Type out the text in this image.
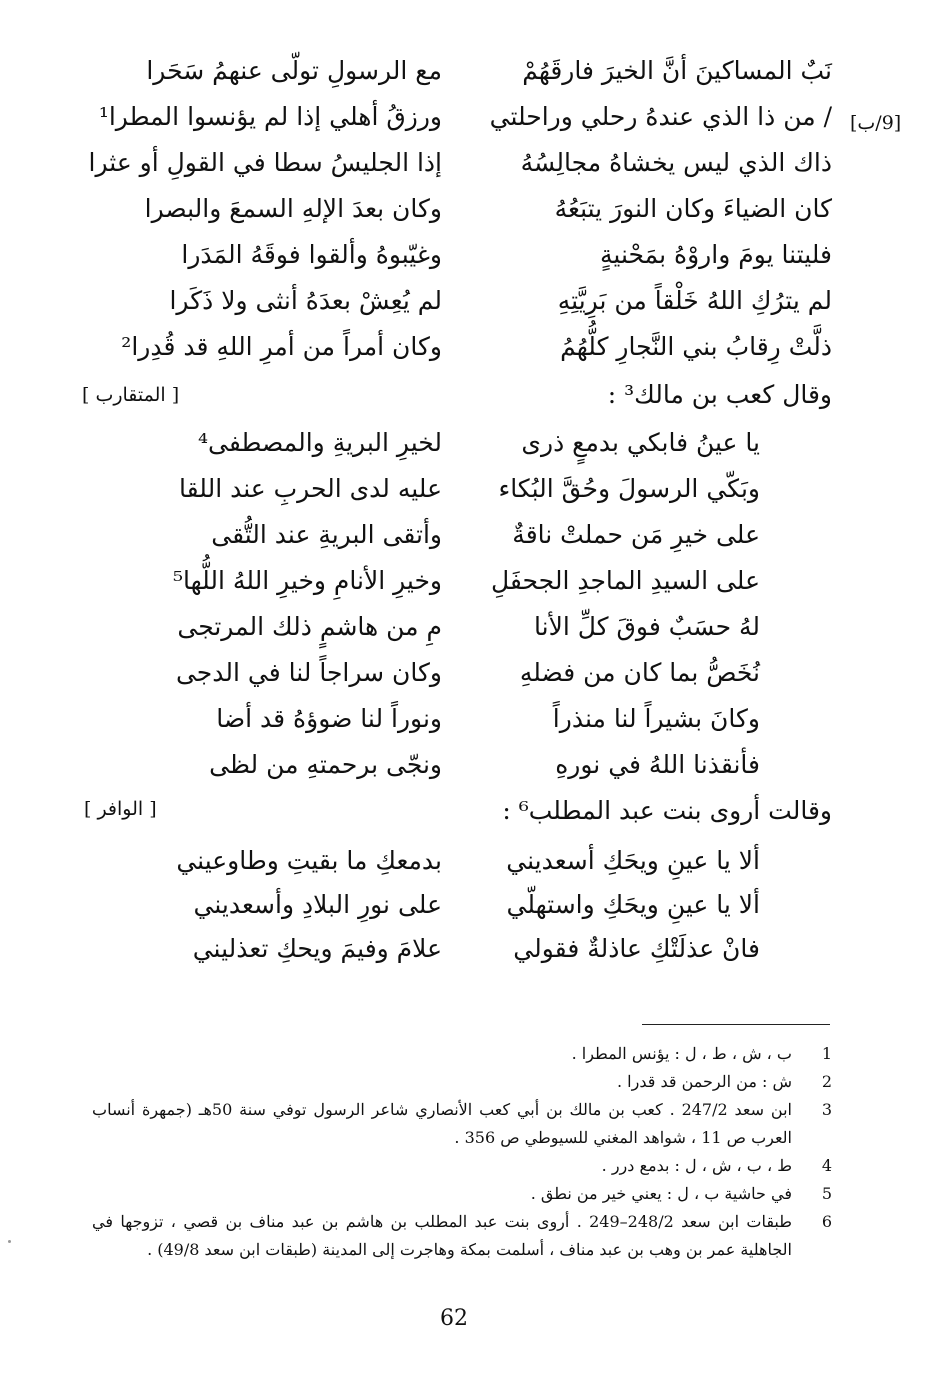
[9/ب]
نَبٌ المساكينَ أنَّ الخيرَ فارقَهُمْ
مع الرسولِ تولّى عنهمُ سَحَرا
/ من ذا الذي عندهُ رحلي وراحلتي
ورزقُ أهلي إذا لم يؤنسوا المطرا¹
ذاك الذي ليس يخشاهُ مجالِسُهُ
إذا الجليسُ سطا في القولِ أو عثرا
كان الضياءَ وكان النورَ يتبَعُهُ
وكان بعدَ الإلهِ السمعَ والبصرا
فليتنا يومَ واروْهُ بمَحْنيةٍ
وغيّبوهُ وألقوا فوقَهُ المَدَرا
لم يترُكِ اللهُ خَلْقاً من بَرِيَّتِهِ
لم يُعِشْ بعدَهُ أنثى ولا ذَكَرا
ذلَّتْ رِقابُ بني النَّجارِ كلُّهُمُ
وكان أمراً من أمرِ اللهِ قد قُدِرا²
وقال كعب بن مالك³ :
[ المتقارب ]
يا عينُ فابكي بدمعٍ ذرى
لخيرِ البريةِ والمصطفى⁴
وبَكّي الرسولَ وحُقَّ البُكاء
عليه لدى الحربِ عند اللقا
على خيرِ مَن حملتْ ناقةٌ
وأتقى البريةِ عند التُّقى
على السيدِ الماجدِ الجحفَلِ
وخيرِ الأنامِ وخيرِ اللهُ اللُّها⁵
لهُ حسَبٌ فوقَ كلِّ الأنا
مِ من هاشمٍ ذلك المرتجى
نُخَصُّ بما كان من فضلهِ
وكان سراجاً لنا في الدجى
وكانَ بشيراً لنا منذراً
ونوراً لنا ضوؤهُ قد أضا
فأنقذنا اللهُ في نورهِ
ونجّى برحمتهِ من لظى
وقالت أروى بنت عبد المطلب⁶ :
[ الوافر ]
ألا يا عينِ ويحَكِ أسعديني
بدمعكِ ما بقيتِ وطاوعيني
ألا يا عينِ ويحَكِ واستهلّي
على نورِ البلادِ وأسعديني
فانْ عذلَتْكِ عاذلةٌ فقولي
علامَ وفيمَ ويحكِ تعذليني
1
ب ، ش ، ط ، ل : يؤنس المطرا .
2
ش : من الرحمن قد قدرا .
3
ابن سعد 247/2 . كعب بن مالك بن أبي كعب الأنصاري شاعر الرسول توفي سنة 50هـ (جمهرة أنساب العرب ص 11 ، شواهد المغني للسيوطي ص 356 .
4
ط ، ب ، ش ، ل : بدمع درر .
5
في حاشية ب ، ل : يعني خير من نطق .
6
طبقات ابن سعد 248/2–249 . أروى بنت عبد المطلب بن هاشم بن عبد مناف بن قصي ، تزوجها في الجاهلية عمر بن وهب بن عبد مناف ، أسلمت بمكة وهاجرت إلى المدينة (طبقات ابن سعد 49/8) .
62
